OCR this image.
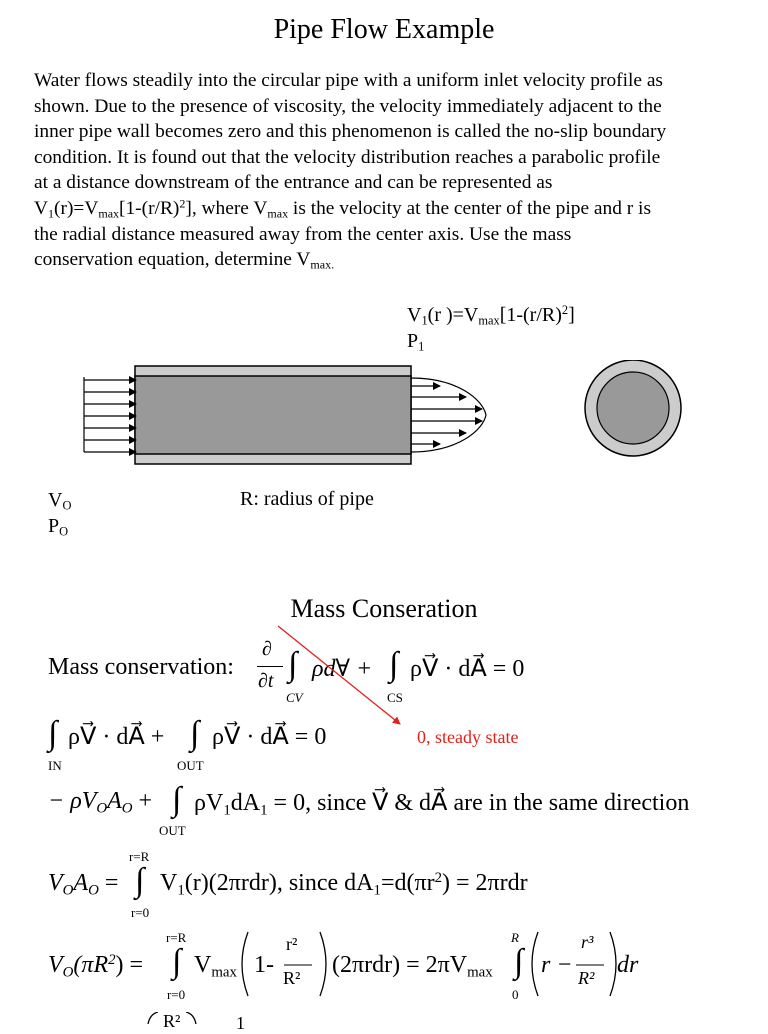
Pipe Flow Example
Water flows steadily into the circular pipe with a uniform inlet velocity profile as
shown. Due to the presence of viscosity, the velocity immediately adjacent to the
inner pipe wall becomes zero and this phenomenon is called the no-slip boundary
condition. It is found out that the velocity distribution reaches a parabolic profile
at a distance downstream of the entrance and can be represented as
$V_1(r)=V_{max}[1-(r/R)^2]$, where $V_{max}$ is the velocity at the center of the pipe and r is
the radial distance measured away from the center axis. Use the mass
conservation equation, determine $V_{max.}$
$V_1(r$ )$=V_{max}[1-(r/R)^2]$
$P_1$
R: radius of pipe
$V_O$
$P_O$
Mass Conseration
Mass conservation:
∂
∂t ∫
CV
ρd∀ + ∫
CS
ρV⃗ · dA⃗ = 0
0, steady state
∫
IN
ρV⃗ · dA⃗ + ∫
OUT
ρV⃗ · dA⃗ = 0
− $\rho V_OA_O$ + ∫
OUT
$\rho V_1dA_1 = 0$, since V⃗ & dA⃗ are in the same direction
$V_OA_O$ =
r=R
∫
r=0
$V_1(r)(2\pi rdr)$, since $dA_1=d(\pi r^2) = 2\pi rdr$
$V_O(\pi R^2)$ =
r=R
∫
r=0
$V_{max}$ 1-
r²
R² $(2\pi rdr) = 2\pi V_{max}$
R
∫
0
r −
r³
R² dr
R²	1
